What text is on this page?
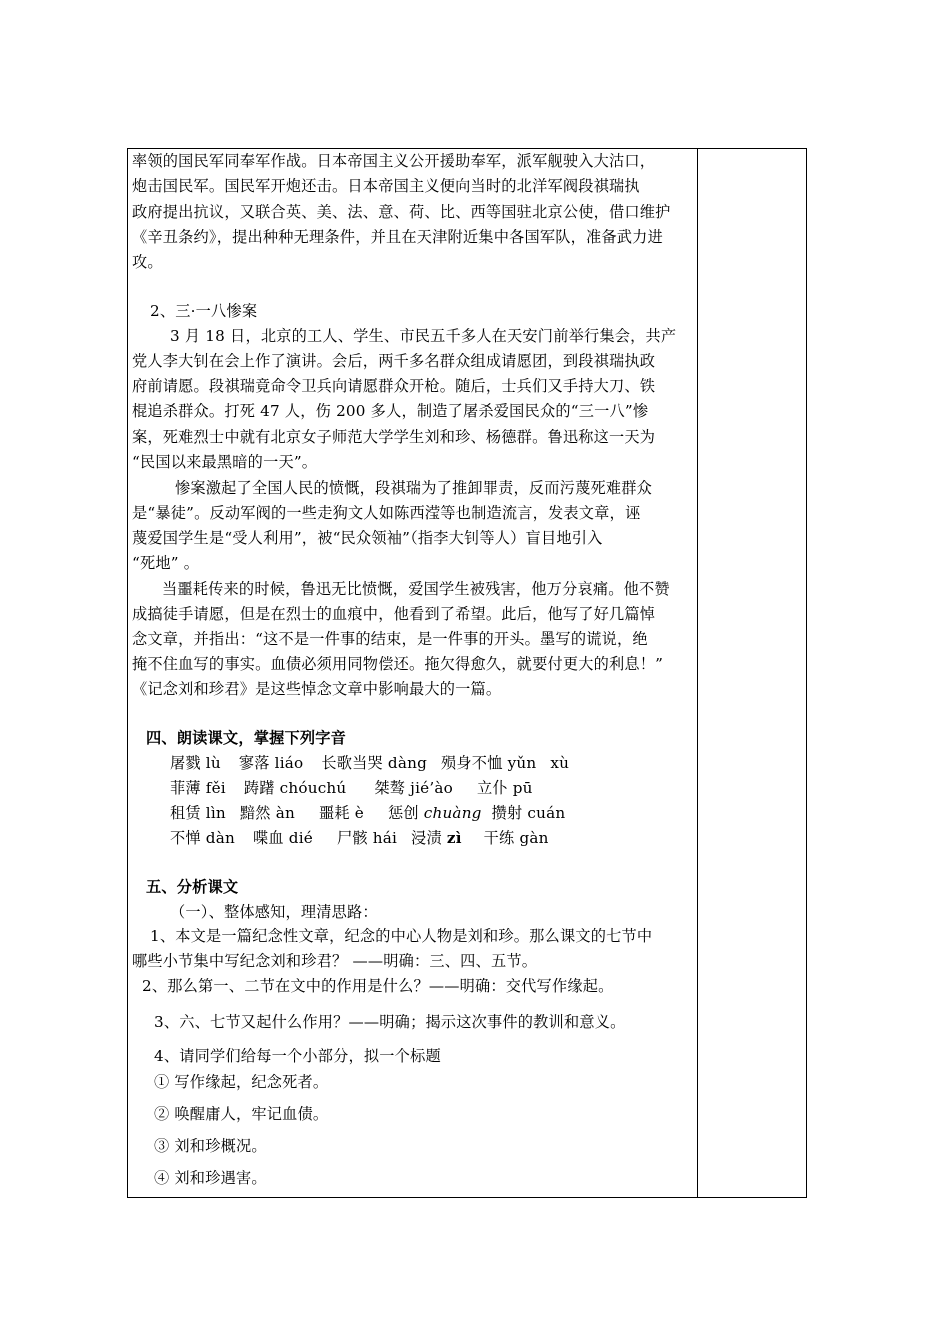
率领的国民军同奉军作战。日本帝国主义公开援助奉军，派军舰驶入大沽口，
炮击国民军。国民军开炮还击。日本帝国主义便向当时的北洋军阀段祺瑞执
政府提出抗议，又联合英、美、法、意、荷、比、西等国驻北京公使，借口维护
《辛丑条约》，提出种种无理条件，并且在天津附近集中各国军队，准备武力进
攻。
2、三·一八惨案
3 月 18 日，北京的工人、学生、市民五千多人在天安门前举行集会，共产
党人李大钊在会上作了演讲。会后，两千多名群众组成请愿团，到段祺瑞执政
府前请愿。段祺瑞竟命令卫兵向请愿群众开枪。随后，士兵们又手持大刀、铁
棍追杀群众。打死 47 人，伤 200 多人，制造了屠杀爱国民众的“三一八”惨
案，死难烈士中就有北京女子师范大学学生刘和珍、杨德群。鲁迅称这一天为
“民国以来最黑暗的一天”。
惨案激起了全国人民的愤慨，段祺瑞为了推卸罪责，反而污蔑死难群众
是“暴徒”。反动军阀的一些走狗文人如陈西滢等也制造流言，发表文章，诬
蔑爱国学生是“受人利用”，被“民众领袖”（指李大钊等人）盲目地引入
“死地” 。
当噩耗传来的时候，鲁迅无比愤慨，爱国学生被残害，他万分哀痛。他不赞
成搞徒手请愿，但是在烈士的血痕中，他看到了希望。此后，他写了好几篇悼
念文章，并指出：“这不是一件事的结束，是一件事的开头。墨写的谎说，绝
掩不住血写的事实。血债必须用同物偿还。拖欠得愈久，就要付更大的利息！”
《记念刘和珍君》是这些悼念文章中影响最大的一篇。
四、朗读课文，掌握下列字音
屠戮 lù 寥落 liáo 长歌当哭 dàng 殒身不恤 yǔn xù
菲薄 fěi 踌躇 chóuchú 桀骜 jié’ào 立仆 pū
租赁 lìn 黯然 àn 噩耗 è 惩创 chuàng 攒射 cuán
不惮 dàn 喋血 dié 尸骸 hái 浸渍 zì 干练 gàn
五、分析课文
（一）、整体感知，理清思路：
1、本文是一篇纪念性文章，纪念的中心人物是刘和珍。那么课文的七节中
哪些小节集中写纪念刘和珍君？ ——明确：三、四、五节。
2、那么第一、二节在文中的作用是什么？——明确：交代写作缘起。
3、六、七节又起什么作用？——明确；揭示这次事件的教训和意义。
4、请同学们给每一个小部分，拟一个标题
① 写作缘起，纪念死者。
② 唤醒庸人，牢记血债。
③ 刘和珍概况。
④ 刘和珍遇害。
